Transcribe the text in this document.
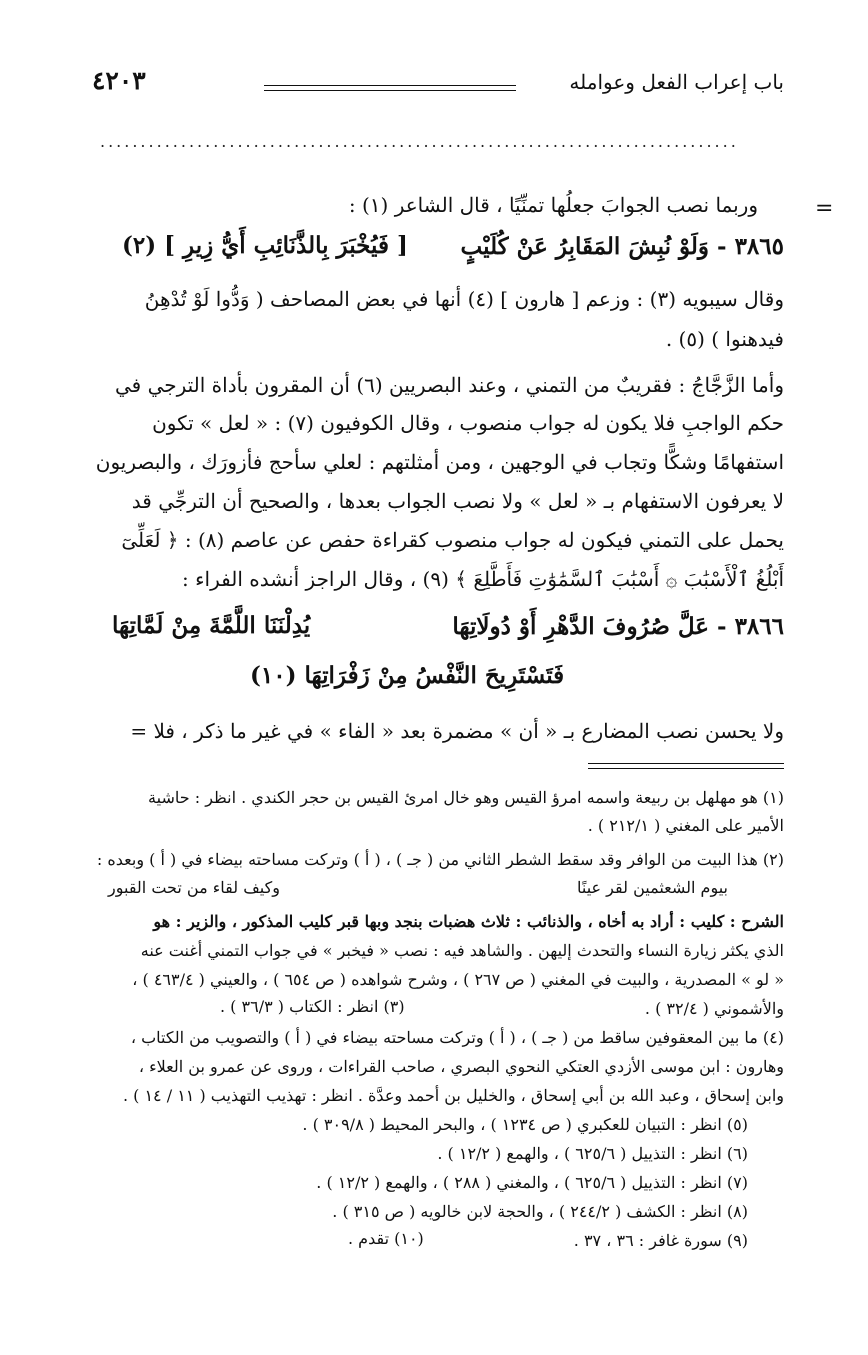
باب إعراب الفعل وعوامله
٤٢٠٣
...............................................................................
=
وربما نصب الجوابَ جعلُها تمنِّيًا ، قال الشاعر (١) :
٣٨٦٥ - وَلَوْ نُبِشَ المَقَابِرُ عَنْ كُلَيْبٍ
[ فَيُخْبَرَ بِالذَّنَائِبِ أَيُّ زِيرِ ] (٢)
وقال سيبويه (٣) : وزعم [ هارون ] (٤) أنها في بعض المصاحف ( وَدُّوا لَوْ تُدْهِنُ
فيدهنوا ) (٥) .
وأما الزَّجَّاجُ : فقريبٌ من التمني ، وعند البصريين (٦) أن المقرون بأداة الترجي في
حكم الواجبِ فلا يكون له جواب منصوب ، وقال الكوفيون (٧) : « لعل » تكون
استفهامًا وشكًّا وتجاب في الوجهين ، ومن أمثلتهم : لعلي سأحج فأزورَك ، والبصريون
لا يعرفون الاستفهام بـ « لعل » ولا نصب الجواب بعدها ، والصحيح أن الترجِّي قد
يحمل على التمني فيكون له جواب منصوب كقراءة حفص عن عاصم (٨) : ﴿ لَعَلِّىٓ
أَبْلُغُ ٱلْأَسْبَٰبَ ۞ أَسْبَٰبَ ٱلسَّمَٰوَٰتِ فَأَطَّلِعَ ﴾ (٩) ، وقال الراجز أنشده الفراء :
٣٨٦٦ - عَلَّ صُرُوفَ الدَّهْرِ أَوْ دُولَاتِهَا
يُدِلْنَنَا اللَّمَّةَ مِنْ لَمَّاتِهَا
فَتَسْتَرِيحَ النَّفْسُ مِنْ زَفْرَاتِهَا (١٠)
ولا يحسن نصب المضارع بـ « أن » مضمرة بعد « الفاء » في غير ما ذكر ، فلا =
(١) هو مهلهل بن ربيعة واسمه امرؤ القيس وهو خال امرئ القيس بن حجر الكندي . انظر : حاشية
الأمير على المغني ( ٢١٢/١ ) .
(٢) هذا البيت من الوافر وقد سقط الشطر الثاني من ( جـ ) ، ( أ ) وتركت مساحته بيضاء في ( أ ) وبعده :
بيوم الشعثمين لقر عينًا
وكيف لقاء من تحت القبور
الشرح : كليب : أراد به أخاه ، والذنائب : ثلاث هضبات بنجد وبها قبر كليب المذكور ، والزير : هو
الذي يكثر زيارة النساء والتحدث إليهن . والشاهد فيه : نصب « فيخبر » في جواب التمني أغنت عنه
« لو » المصدرية ، والبيت في المغني ( ص ٢٦٧ ) ، وشرح شواهده ( ص ٦٥٤ ) ، والعيني ( ٤٦٣/٤ ) ،
والأشموني ( ٣٢/٤ ) .
(٣) انظر : الكتاب ( ٣٦/٣ ) .
(٤) ما بين المعقوفين ساقط من ( جـ ) ، ( أ ) وتركت مساحته بيضاء في ( أ ) والتصويب من الكتاب ،
وهارون : ابن موسى الأزدي العتكي النحوي البصري ، صاحب القراءات ، وروى عن عمرو بن العلاء ،
وابن إسحاق ، وعبد الله بن أبي إسحاق ، والخليل بن أحمد وعدَّة . انظر : تهذيب التهذيب ( ١١ / ١٤ ) .
(٥) انظر : التبيان للعكبري ( ص ١٢٣٤ ) ، والبحر المحيط ( ٣٠٩/٨ ) .
(٦) انظر : التذييل ( ٦٢٥/٦ ) ، والهمع ( ١٢/٢ ) .
(٧) انظر : التذييل ( ٦٢٥/٦ ) ، والمغني ( ٢٨٨ ) ، والهمع ( ١٢/٢ ) .
(٨) انظر : الكشف ( ٢٤٤/٢ ) ، والحجة لابن خالويه ( ص ٣١٥ ) .
(٩) سورة غافر : ٣٦ ، ٣٧ .
(١٠) تقدم .
